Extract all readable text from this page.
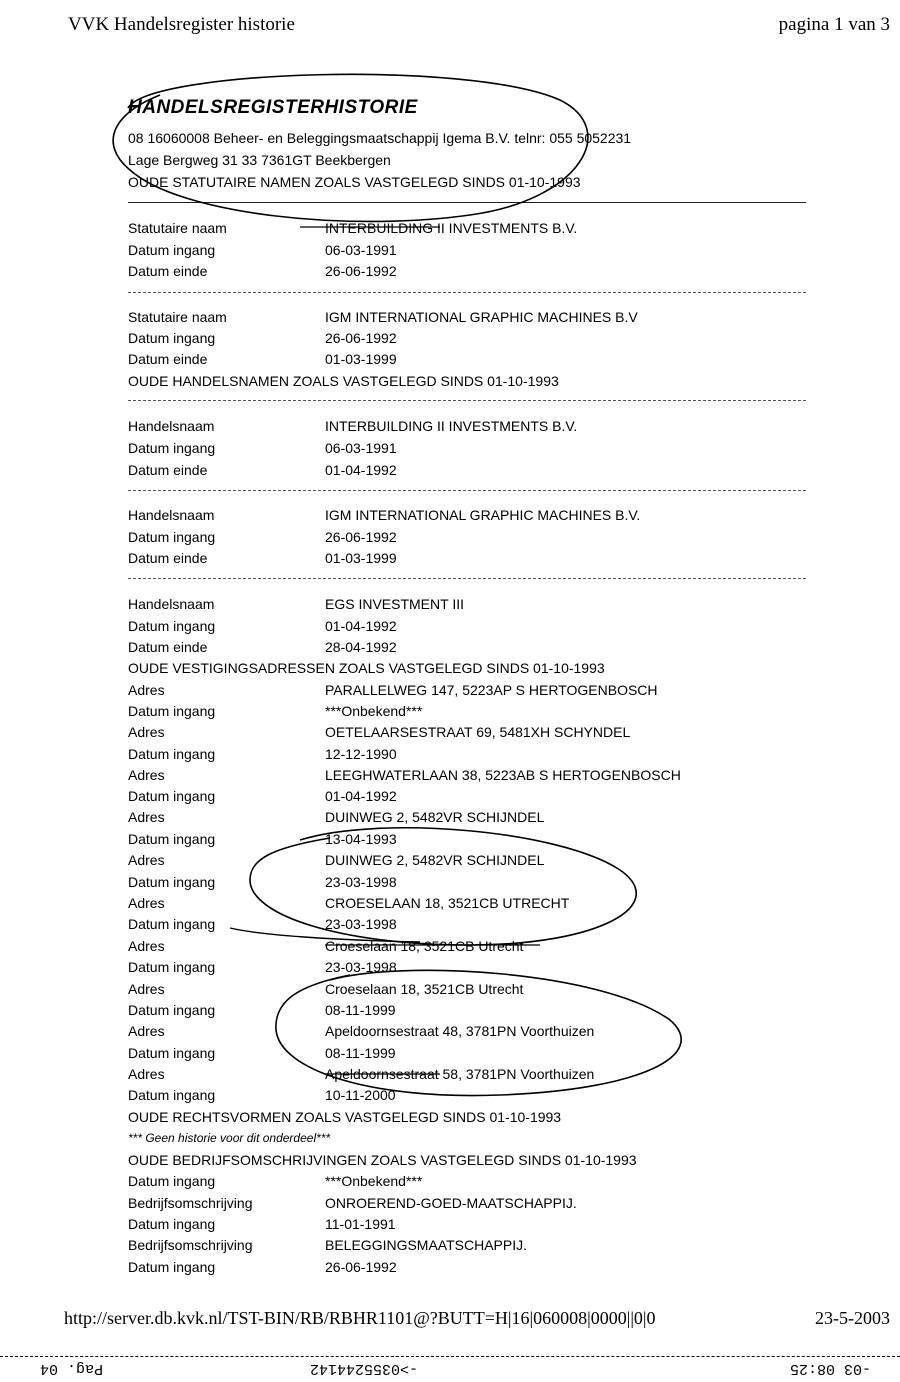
VVK Handelsregister historie	pagina 1 van 3
HANDELSREGISTERHISTORIE
08 16060008 Beheer- en Beleggingsmaatschappij Igema B.V. telnr: 055 5052231
Lage Bergweg 31 33 7361GT Beekbergen
OUDE STATUTAIRE NAMEN ZOALS VASTGELEGD SINDS 01-10-1993
Statutaire naam	INTERBUILDING II INVESTMENTS B.V.
Datum ingang	06-03-1991
Datum einde	26-06-1992
Statutaire naam	IGM INTERNATIONAL GRAPHIC MACHINES B.V
Datum ingang	26-06-1992
Datum einde	01-03-1999
OUDE HANDELSNAMEN ZOALS VASTGELEGD SINDS 01-10-1993
Handelsnaam	INTERBUILDING II INVESTMENTS B.V.
Datum ingang	06-03-1991
Datum einde	01-04-1992
Handelsnaam	IGM INTERNATIONAL GRAPHIC MACHINES B.V.
Datum ingang	26-06-1992
Datum einde	01-03-1999
Handelsnaam	EGS INVESTMENT III
Datum ingang	01-04-1992
Datum einde	28-04-1992
OUDE VESTIGINGSADRESSEN ZOALS VASTGELEGD SINDS 01-10-1993
Adres	PARALLELWEG 147, 5223AP S HERTOGENBOSCH
Datum ingang	***Onbekend***
Adres	OETELAARSESTRAAT 69, 5481XH SCHYNDEL
Datum ingang	12-12-1990
Adres	LEEGHWATERLAAN 38, 5223AB S HERTOGENBOSCH
Datum ingang	01-04-1992
Adres	DUINWEG 2, 5482VR SCHIJNDEL
Datum ingang	13-04-1993
Adres	DUINWEG 2, 5482VR SCHIJNDEL
Datum ingang	23-03-1998
Adres	CROESELAAN 18, 3521CB UTRECHT
Datum ingang	23-03-1998
Adres	Croeselaan 18, 3521CB Utrecht
Datum ingang	23-03-1998
Adres	Croeselaan 18, 3521CB Utrecht
Datum ingang	08-11-1999
Adres	Apeldoornsestraat 48, 3781PN Voorthuizen
Datum ingang	08-11-1999
Adres	Apeldoornsestraat 58, 3781PN Voorthuizen
Datum ingang	10-11-2000
OUDE RECHTSVORMEN ZOALS VASTGELEGD SINDS 01-10-1993
*** Geen historie voor dit onderdeel***
OUDE BEDRIJFSOMSCHRIJVINGEN ZOALS VASTGELEGD SINDS 01-10-1993
Datum ingang	***Onbekend***
Bedrijfsomschrijving	ONROEREND-GOED-MAATSCHAPPIJ.
Datum ingang	11-01-1991
Bedrijfsomschrijving	BELEGGINGSMAATSCHAPPIJ.
Datum ingang	26-06-1992
http://server.db.kvk.nl/TST-BIN/RB/RBHR1101@?BUTT=H|16|060008|0000||0|0	23-5-2003
Pag. 04	->0355244142	-03 08:25
